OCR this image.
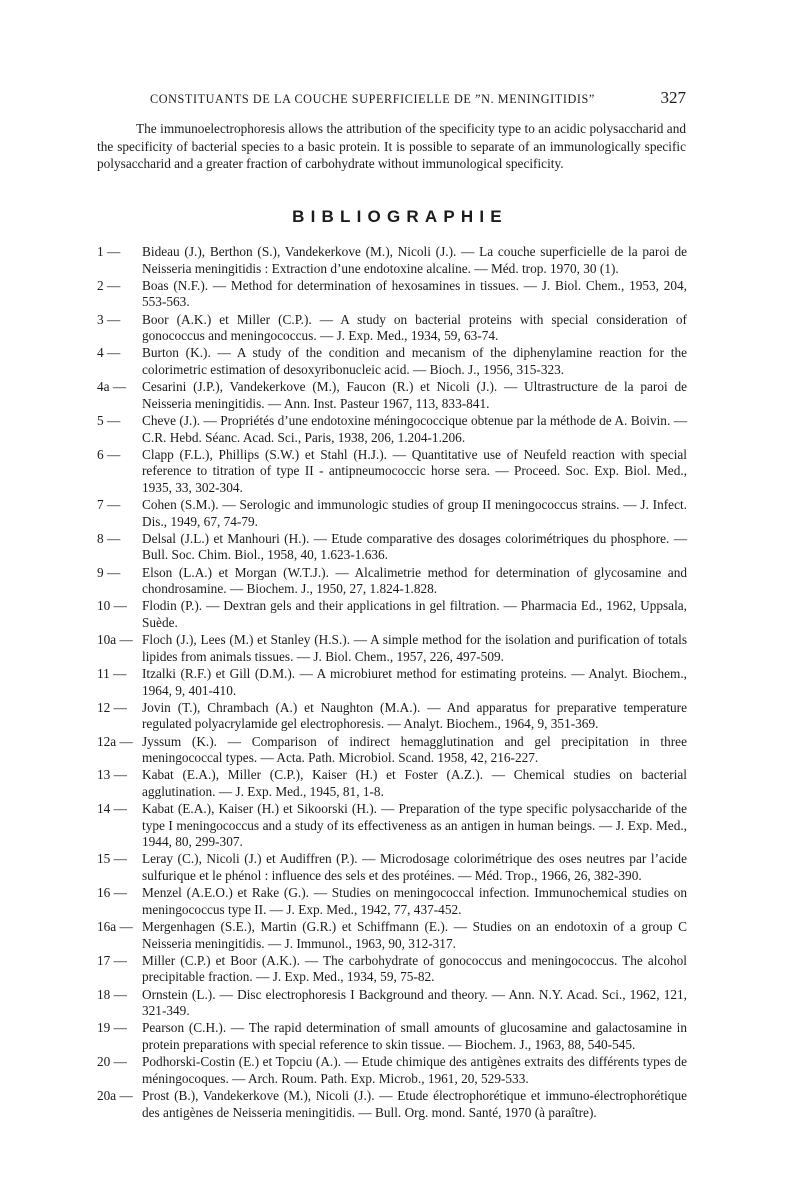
CONSTITUANTS DE LA COUCHE SUPERFICIELLE DE ”N. MENINGITIDIS”	327

The immunoelectrophoresis allows the attribution of the specificity type to an acidic polysaccharid and the specificity of bacterial species to a basic protein. It is possible to separate of an immunologically specific polysaccharid and a greater fraction of carbohydrate without immunological specificity.

BIBLIOGRAPHIE
1 —	Bideau (J.), Berthon (S.), Vandekerkove (M.), Nicoli (J.). — La couche superficielle de la paroi de Neisseria meningitidis : Extraction d’une endotoxine alcaline. — Méd. trop. 1970, 30 (1).
2 —	Boas (N.F.). — Method for determination of hexosamines in tissues. — J. Biol. Chem., 1953, 204, 553-563.
3 —	Boor (A.K.) et Miller (C.P.). — A study on bacterial proteins with special consideration of gonococcus and meningococcus. — J. Exp. Med., 1934, 59, 63-74.
4 —	Burton (K.). — A study of the condition and mecanism of the diphenylamine reaction for the colorimetric estimation of desoxyribonucleic acid. — Bioch. J., 1956, 315-323.
4a —	Cesarini (J.P.), Vandekerkove (M.), Faucon (R.) et Nicoli (J.). — Ultrastructure de la paroi de Neisseria meningitidis. — Ann. Inst. Pasteur 1967, 113, 833-841.
5 —	Cheve (J.). — Propriétés d’une endotoxine méningococcique obtenue par la méthode de A. Boivin. — C.R. Hebd. Séanc. Acad. Sci., Paris, 1938, 206, 1.204-1.206.
6 —	Clapp (F.L.), Phillips (S.W.) et Stahl (H.J.). — Quantitative use of Neufeld reaction with special reference to titration of type II - antipneumococcic horse sera. — Proceed. Soc. Exp. Biol. Med., 1935, 33, 302-304.
7 —	Cohen (S.M.). — Serologic and immunologic studies of group II meningococcus strains. — J. Infect. Dis., 1949, 67, 74-79.
8 —	Delsal (J.L.) et Manhouri (H.). — Etude comparative des dosages colorimétriques du phosphore. — Bull. Soc. Chim. Biol., 1958, 40, 1.623-1.636.
9 —	Elson (L.A.) et Morgan (W.T.J.). — Alcalimetrie method for determination of glycosamine and chondrosamine. — Biochem. J., 1950, 27, 1.824-1.828.
10 —	Flodin (P.). — Dextran gels and their applications in gel filtration. — Pharmacia Ed., 1962, Uppsala, Suède.
10a — Floch (J.), Lees (M.) et Stanley (H.S.). — A simple method for the isolation and purification of totals lipides from animals tissues. — J. Biol. Chem., 1957, 226, 497-509.
11 —	Itzalki (R.F.) et Gill (D.M.). — A microbiuret method for estimating proteins. — Analyt. Biochem., 1964, 9, 401-410.
12 —	Jovin (T.), Chrambach (A.) et Naughton (M.A.). — And apparatus for preparative temperature regulated polyacrylamide gel electrophoresis. — Analyt. Biochem., 1964, 9, 351-369.
12a — Jyssum (K.). — Comparison of indirect hemagglutination and gel precipitation in three meningococcal types. — Acta. Path. Microbiol. Scand. 1958, 42, 216-227.
13 —	Kabat (E.A.), Miller (C.P.), Kaiser (H.) et Foster (A.Z.). — Chemical studies on bacterial agglutination. — J. Exp. Med., 1945, 81, 1-8.
14 —	Kabat (E.A.), Kaiser (H.) et Sikoorski (H.). — Preparation of the type specific polysaccharide of the type I meningococcus and a study of its effectiveness as an antigen in human beings. — J. Exp. Med., 1944, 80, 299-307.
15 —	Leray (C.), Nicoli (J.) et Audiffren (P.). — Microdosage colorimétrique des oses neutres par l’acide sulfurique et le phénol : influence des sels et des protéines. — Méd. Trop., 1966, 26, 382-390.
16 —	Menzel (A.E.O.) et Rake (G.). — Studies on meningococcal infection. Immunochemical studies on meningococcus type II. — J. Exp. Med., 1942, 77, 437-452.
16a — Mergenhagen (S.E.), Martin (G.R.) et Schiffmann (E.). — Studies on an endotoxin of a group C Neisseria meningitidis. — J. Immunol., 1963, 90, 312-317.
17 —	Miller (C.P.) et Boor (A.K.). — The carbohydrate of gonococcus and meningococcus. The alcohol precipitable fraction. — J. Exp. Med., 1934, 59, 75-82.
18 —	Ornstein (L.). — Disc electrophoresis I Background and theory. — Ann. N.Y. Acad. Sci., 1962, 121, 321-349.
19 —	Pearson (C.H.). — The rapid determination of small amounts of glucosamine and galactosamine in protein preparations with special reference to skin tissue. — Biochem. J., 1963, 88, 540-545.
20 —	Podhorski-Costin (E.) et Topciu (A.). — Etude chimique des antigènes extraits des différents types de méningocoques. — Arch. Roum. Path. Exp. Microb., 1961, 20, 529-533.
20a — Prost (B.), Vandekerkove (M.), Nicoli (J.). — Etude électrophorétique et immuno-électrophorétique des antigènes de Neisseria meningitidis. — Bull. Org. mond. Santé, 1970 (à paraître).
